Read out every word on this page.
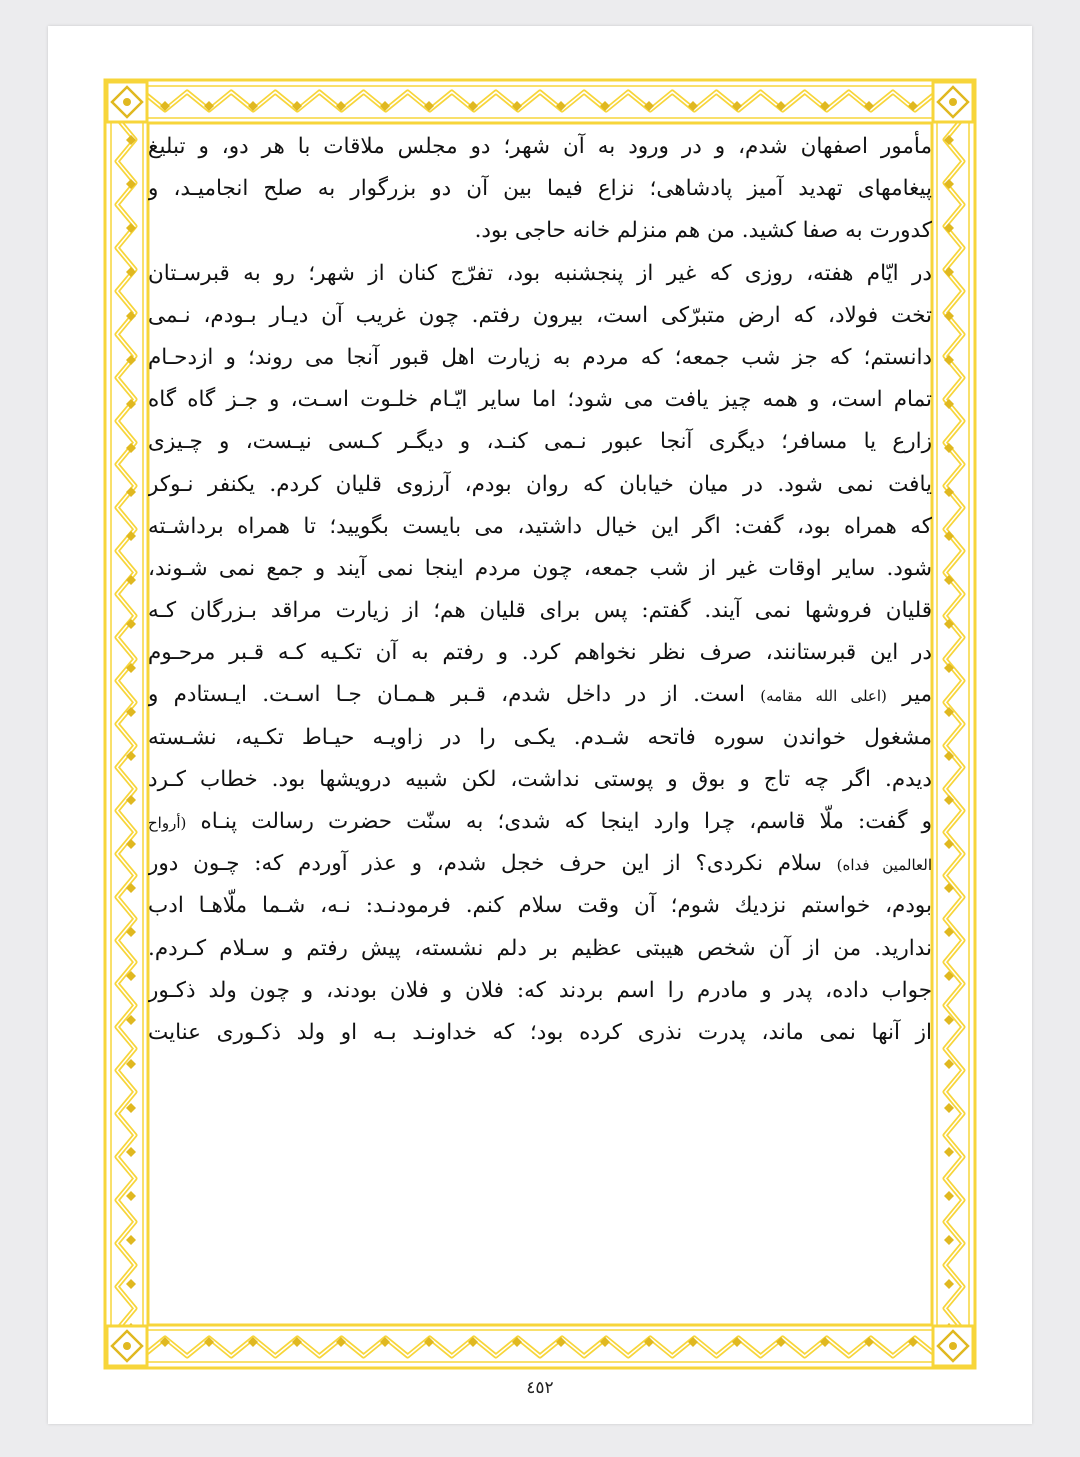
مأمور اصفهان شدم، و در ورود به آن شهر؛ دو مجلس ملاقات با هر دو، و تبليغ
پيغامهاى تهديد آميز پادشاهى؛ نزاع فيما بين آن دو بزرگوار به صلح انجاميـد، و
كدورت به صفا كشيد. من هم منزلم خانه حاجى بود.
در ايّام هفته، روزى كه غير از پنجشنبه بود، تفرّج كنان از شهر؛ رو به قبرسـتان
تخت فولاد، كه ارض متبرّكى است، بيرون رفتم. چون غريب آن ديـار بـودم، نـمى
دانستم؛ كه جز شب جمعه؛ كه مردم به زيارت اهل قبور آنجا مى روند؛ و ازدحـام
تمام است، و همه چيز يافت مى شود؛ اما ساير ايّـام خلـوت اسـت، و جـز گاه گاه
زارع يا مسافر؛ ديگرى آنجا عبور نـمى كنـد، و ديگـر كـسى نيـست، و چـيزى
يافت نمى شود. در ميان خيابان كه روان بودم، آرزوى قليان كردم. يكنفر نـوكر
كه همراه بود، گفت: اگر اين خيال داشتيد، مى بايست بگوييد؛ تا همراه برداشـته
شود. ساير اوقات غير از شب جمعه، چون مردم اينجا نمى آيند و جمع نمى شـوند،
قليان فروشها نمى آيند. گفتم: پس براى قليان هم؛ از زيارت مراقد بـزرگان كـه
در اين قبرستانند، صرف نظر نخواهم كرد. و رفتم به آن تكـيه كـه قـبر مرحـوم
مير (اعلى الله مقامه) است. از در داخل شدم، قـبر هـمـان جـا اسـت. ايـستادم و
مشغول خواندن سوره فاتحه شـدم. يكـى را در زاويـه حيـاط تكـيه، نشـسته
ديدم. اگر چه تاج و بوق و پوستى نداشت، لكن شبيه درويشها بود. خطاب كـرد
و گفت: ملّا قاسم، چرا وارد اينجا كه شدى؛ به سنّت حضرت رسالت پنـاه (أرواح
العالمين فداه) سلام نكردى؟ از اين حرف خجل شدم، و عذر آوردم كه: چـون دور
بودم، خواستم نزديك شوم؛ آن وقت سلام كنم. فرمودنـد: نـه، شـما ملّاهـا ادب
نداريد. من از آن شخص هيبتى عظيم بر دلم نشسته، پيش رفتم و سـلام كـردم.
جواب داده، پدر و مادرم را اسم بردند كه: فلان و فلان بودند، و چون ولد ذكـور
از آنها نمى ماند، پدرت نذرى كرده بود؛ كه خداونـد بـه او ولد ذكـورى عنايت
٤٥٢
